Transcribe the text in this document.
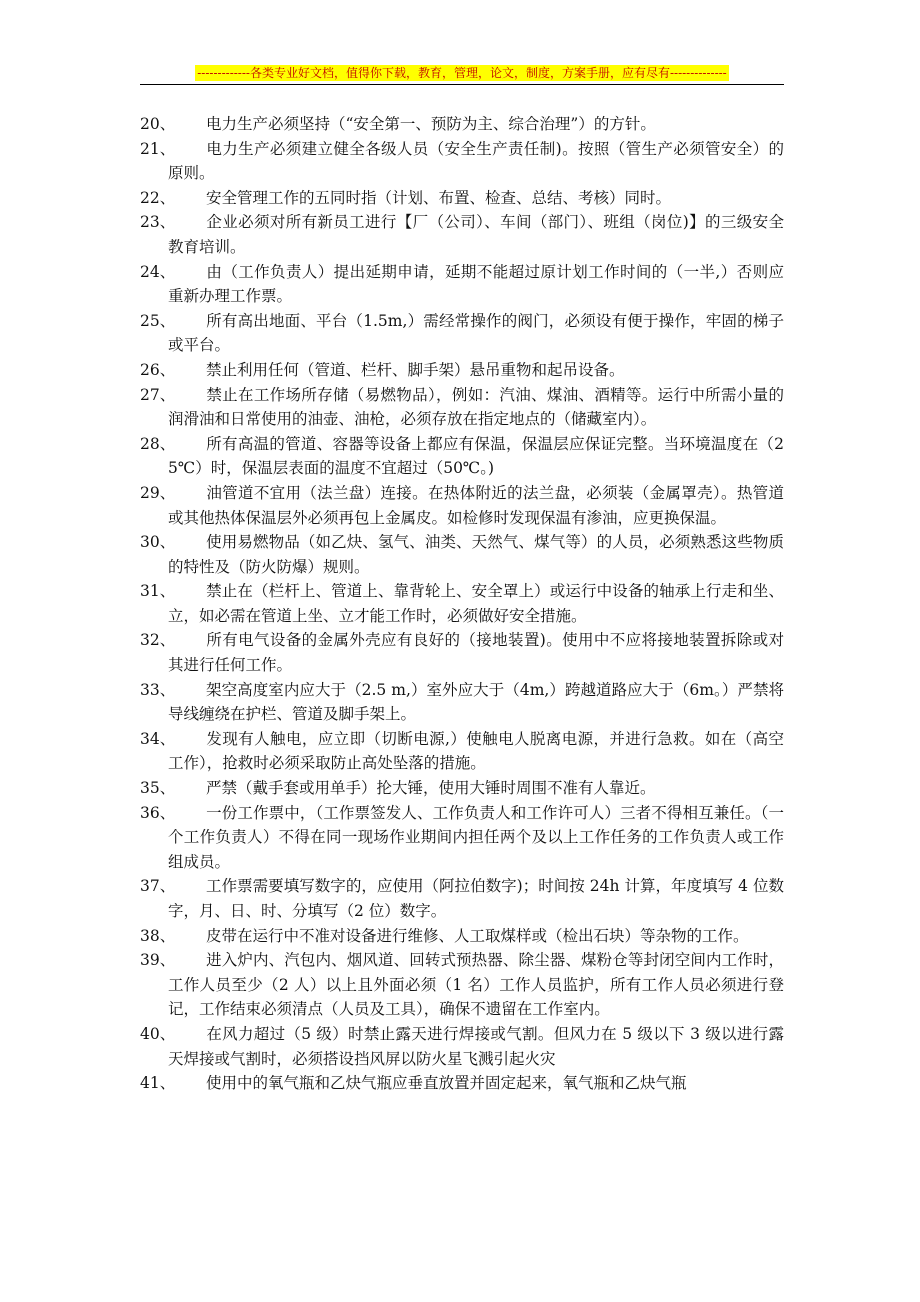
-------------各类专业好文档，值得你下载，教育，管理，论文，制度，方案手册，应有尽有--------------
20、 电力生产必须坚持（“安全第一、预防为主、综合治理”）的方针。
21、 电力生产必须建立健全各级人员（安全生产责任制)。按照（管生产必须管安全）的原则。
22、 安全管理工作的五同时指（计划、布置、检查、总结、考核）同时。
23、 企业必须对所有新员工进行【厂（公司）、车间（部门）、班组（岗位)】的三级安全教育培训。
24、 由（工作负责人）提出延期申请，延期不能超过原计划工作时间的（一半,）否则应重新办理工作票。
25、 所有高出地面、平台（1.5m,）需经常操作的阀门，必须设有便于操作，牢固的梯子或平台。
26、 禁止利用任何（管道、栏杆、脚手架）悬吊重物和起吊设备。
27、 禁止在工作场所存储（易燃物品），例如：汽油、煤油、酒精等。运行中所需小量的润滑油和日常使用的油壶、油枪，必须存放在指定地点的（储藏室内）。
28、 所有高温的管道、容器等设备上都应有保温，保温层应保证完整。当环境温度在（25℃）时，保温层表面的温度不宜超过（50℃。)
29、 油管道不宜用（法兰盘）连接。在热体附近的法兰盘，必须装（金属罩壳）。热管道或其他热体保温层外必须再包上金属皮。如检修时发现保温有渗油，应更换保温。
30、 使用易燃物品（如乙炔、氢气、油类、天然气、煤气等）的人员，必须熟悉这些物质的特性及（防火防爆）规则。
31、 禁止在（栏杆上、管道上、靠背轮上、安全罩上）或运行中设备的轴承上行走和坐、立，如必需在管道上坐、立才能工作时，必须做好安全措施。
32、 所有电气设备的金属外壳应有良好的（接地装置)。使用中不应将接地装置拆除或对其进行任何工作。
33、 架空高度室内应大于（2.5 m,）室外应大于（4m,）跨越道路应大于（6m。）严禁将导线缠绕在护栏、管道及脚手架上。
34、 发现有人触电，应立即（切断电源,）使触电人脱离电源，并进行急救。如在（高空工作），抢救时必须采取防止高处坠落的措施。
35、 严禁（戴手套或用单手）抡大锤，使用大锤时周围不准有人靠近。
36、 一份工作票中，（工作票签发人、工作负责人和工作许可人）三者不得相互兼任。（一个工作负责人）不得在同一现场作业期间内担任两个及以上工作任务的工作负责人或工作组成员。
37、 工作票需要填写数字的，应使用（阿拉伯数字)；时间按 24h 计算，年度填写 4 位数字，月、日、时、分填写（2 位）数字。
38、 皮带在运行中不准对设备进行维修、人工取煤样或（检出石块）等杂物的工作。
39、 进入炉内、汽包内、烟风道、回转式预热器、除尘器、煤粉仓等封闭空间内工作时，工作人员至少（2 人）以上且外面必须（1 名）工作人员监护，所有工作人员必须进行登记，工作结束必须清点（人员及工具），确保不遗留在工作室内。
40、 在风力超过（5 级）时禁止露天进行焊接或气割。但风力在 5 级以下 3 级以进行露天焊接或气割时，必须搭设挡风屏以防火星飞溅引起火灾
41、 使用中的氧气瓶和乙炔气瓶应垂直放置并固定起来，氧气瓶和乙炔气瓶
